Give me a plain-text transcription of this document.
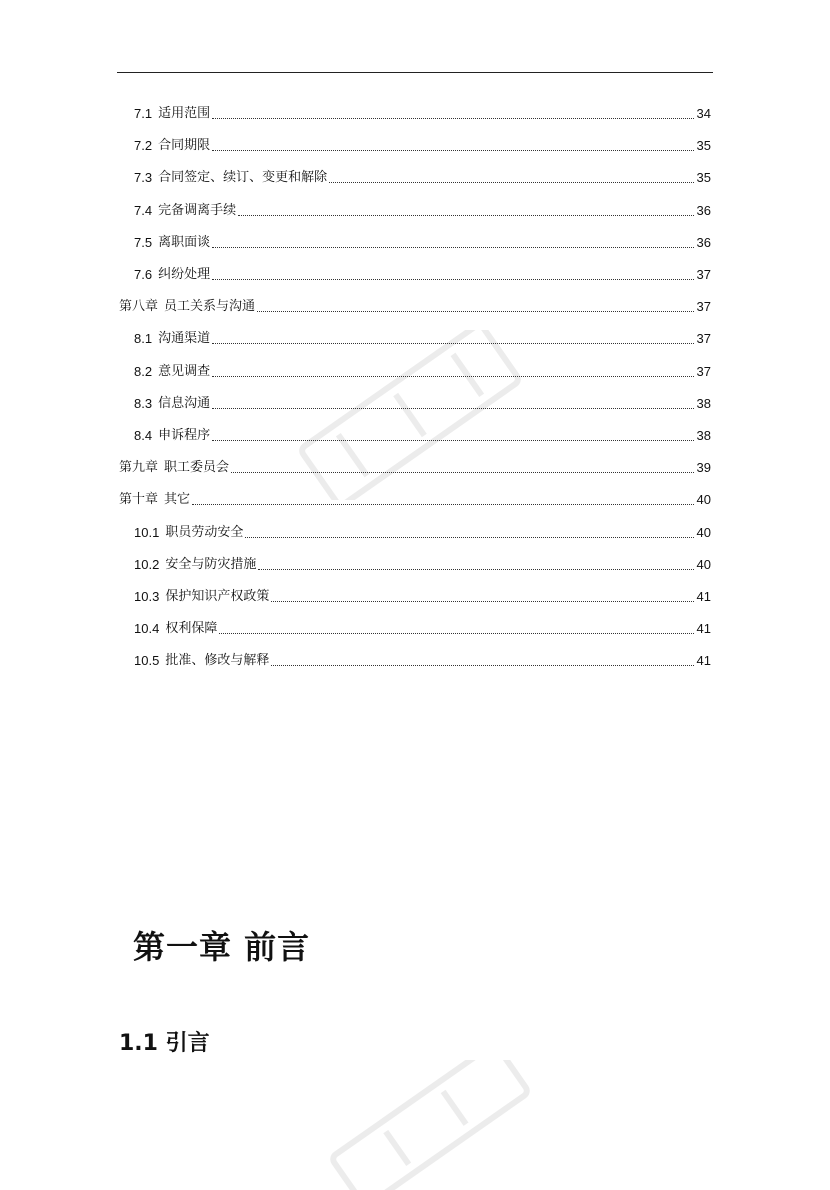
7.1 适用范围	34
7.2 合同期限	35
7.3 合同签定、续订、变更和解除	35
7.4 完备调离手续	36
7.5 离职面谈	36
7.6 纠纷处理	37
第八章 员工关系与沟通	37
8.1 沟通渠道	37
8.2 意见调查	37
8.3 信息沟通	38
8.4 申诉程序	38
第九章 职工委员会	39
第十章 其它	40
10.1 职员劳动安全	40
10.2 安全与防灾措施	40
10.3 保护知识产权政策	41
10.4 权利保障	41
10.5 批准、修改与解释	41
第一章 前言
1.1 引言
